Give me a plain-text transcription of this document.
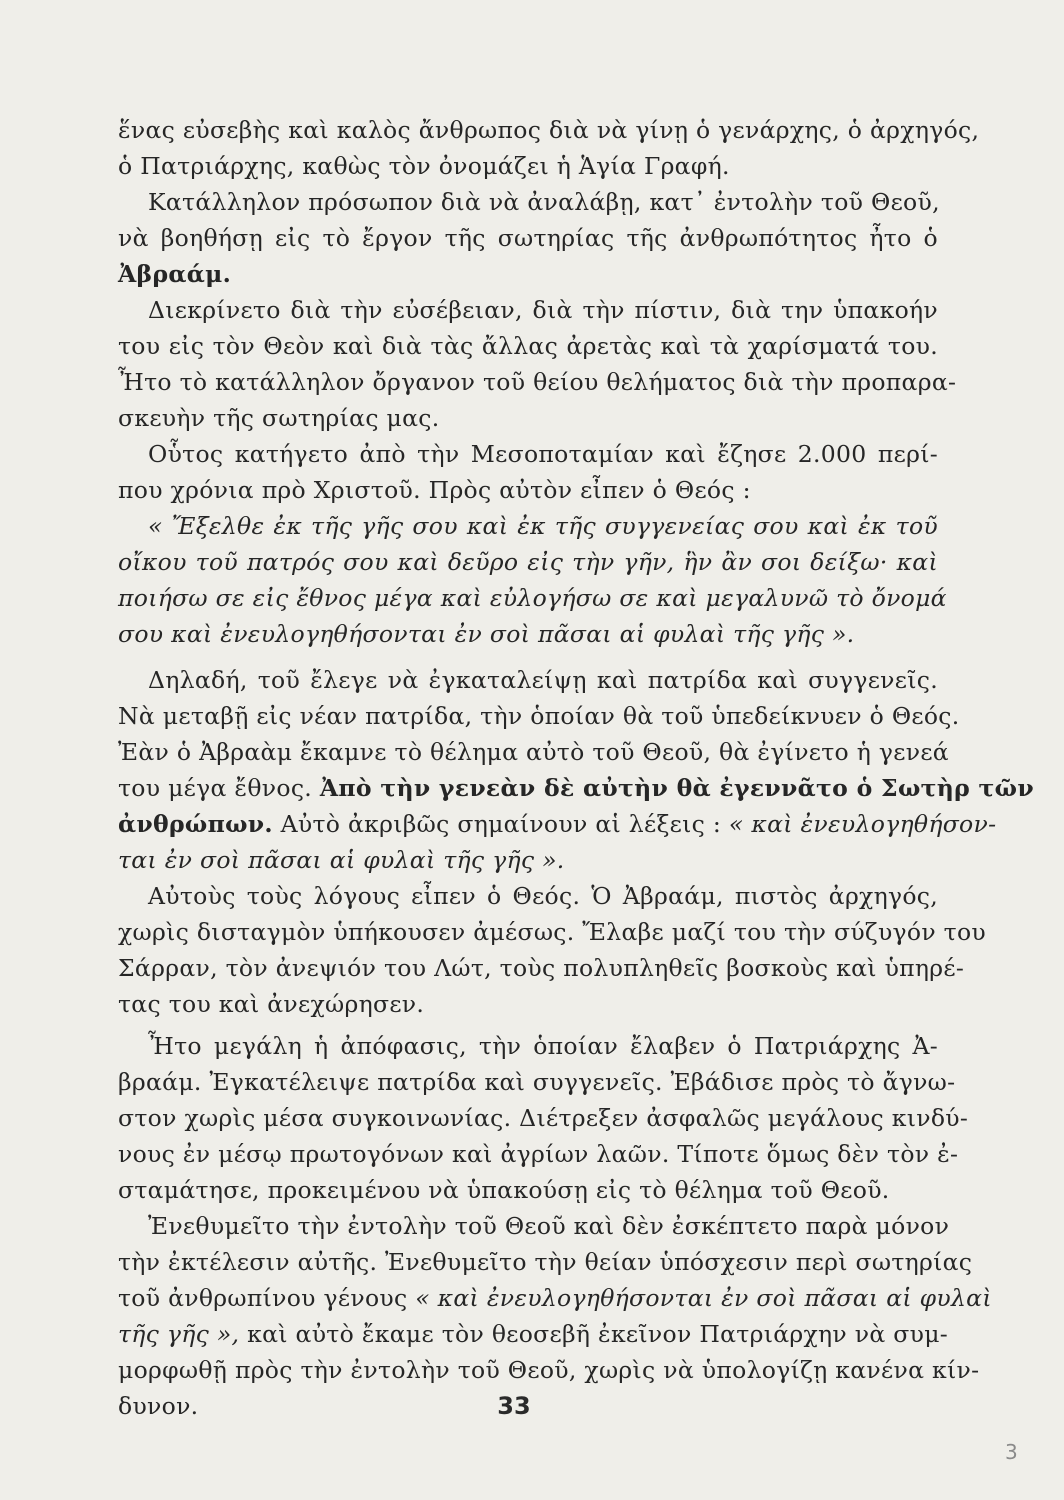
ἕνας εὐσεβὴς καὶ καλὸς ἄνθρωπος διὰ νὰ γίνῃ ὁ γενάρχης, ὁ ἀρχηγός,
ὁ Πατριάρχης, καθὼς τὸν ὀνομάζει ἡ Ἁγία Γραφή.
Κατάλληλον πρόσωπον διὰ νὰ ἀναλάβῃ, κατ᾽ ἐντολὴν τοῦ Θεοῦ,
νὰ βοηθήσῃ εἰς τὸ ἔργον τῆς σωτηρίας τῆς ἀνθρωπότητος ἦτο ὁ
Ἀβραάμ.
Διεκρίνετο διὰ τὴν εὐσέβειαν, διὰ τὴν πίστιν, διὰ την ὑπακοήν
του εἰς τὸν Θεὸν καὶ διὰ τὰς ἄλλας ἀρετὰς καὶ τὰ χαρίσματά του.
Ἦτο τὸ κατάλληλον ὄργανον τοῦ θείου θελήματος διὰ τὴν προπαρα-
σκευὴν τῆς σωτηρίας μας.
Οὗτος κατήγετο ἀπὸ τὴν Μεσοποταμίαν καὶ ἔζησε 2.000 περί-
που χρόνια πρὸ Χριστοῦ. Πρὸς αὐτὸν εἶπεν ὁ Θεός :
« Ἔξελθε ἐκ τῆς γῆς σου καὶ ἐκ τῆς συγγενείας σου καὶ ἐκ τοῦ
οἴκου τοῦ πατρός σου καὶ δεῦρο εἰς τὴν γῆν, ἣν ἂν σοι δείξω· καὶ
ποιήσω σε εἰς ἔθνος μέγα καὶ εὐλογήσω σε καὶ μεγαλυνῶ τὸ ὄνομά
σου καὶ ἐνευλογηθήσονται ἐν σοὶ πᾶσαι αἱ φυλαὶ τῆς γῆς ».
Δηλαδή, τοῦ ἔλεγε νὰ ἐγκαταλείψῃ καὶ πατρίδα καὶ συγγενεῖς.
Νὰ μεταβῇ εἰς νέαν πατρίδα, τὴν ὁποίαν θὰ τοῦ ὑπεδείκνυεν ὁ Θεός.
Ἐὰν ὁ Ἀβραὰμ ἔκαμνε τὸ θέλημα αὐτὸ τοῦ Θεοῦ, θὰ ἐγίνετο ἡ γενεά
του μέγα ἔθνος. Ἀπὸ τὴν γενεὰν δὲ αὐτὴν θὰ ἐγεννᾶτο ὁ Σωτὴρ τῶν
ἀνθρώπων. Αὐτὸ ἀκριβῶς σημαίνουν αἱ λέξεις : « καὶ ἐνευλογηθήσον-
ται ἐν σοὶ πᾶσαι αἱ φυλαὶ τῆς γῆς ».
Αὐτοὺς τοὺς λόγους εἶπεν ὁ Θεός. Ὁ Ἀβραάμ, πιστὸς ἀρχηγός,
χωρὶς δισταγμὸν ὑπήκουσεν ἀμέσως. Ἔλαβε μαζί του τὴν σύζυγόν του
Σάρραν, τὸν ἀνεψιόν του Λώτ, τοὺς πολυπληθεῖς βοσκοὺς καὶ ὑπηρέ-
τας του καὶ ἀνεχώρησεν.
Ἦτο μεγάλη ἡ ἀπόφασις, τὴν ὁποίαν ἔλαβεν ὁ Πατριάρχης Ἀ-
βραάμ. Ἐγκατέλειψε πατρίδα καὶ συγγενεῖς. Ἐβάδισε πρὸς τὸ ἄγνω-
στον χωρὶς μέσα συγκοινωνίας. Διέτρεξεν ἀσφαλῶς μεγάλους κινδύ-
νους ἐν μέσῳ πρωτογόνων καὶ ἀγρίων λαῶν. Τίποτε ὅμως δὲν τὸν ἐ-
σταμάτησε, προκειμένου νὰ ὑπακούσῃ εἰς τὸ θέλημα τοῦ Θεοῦ.
Ἐνεθυμεῖτο τὴν ἐντολὴν τοῦ Θεοῦ καὶ δὲν ἐσκέπτετο παρὰ μόνον
τὴν ἐκτέλεσιν αὐτῆς. Ἐνεθυμεῖτο τὴν θείαν ὑπόσχεσιν περὶ σωτηρίας
τοῦ ἀνθρωπίνου γένους « καὶ ἐνευλογηθήσονται ἐν σοὶ πᾶσαι αἱ φυλαὶ
τῆς γῆς », καὶ αὐτὸ ἔκαμε τὸν θεοσεβῆ ἐκεῖνον Πατριάρχην νὰ συμ-
μορφωθῇ πρὸς τὴν ἐντολὴν τοῦ Θεοῦ, χωρὶς νὰ ὑπολογίζῃ κανένα κίν-
δυνον.	33
3
